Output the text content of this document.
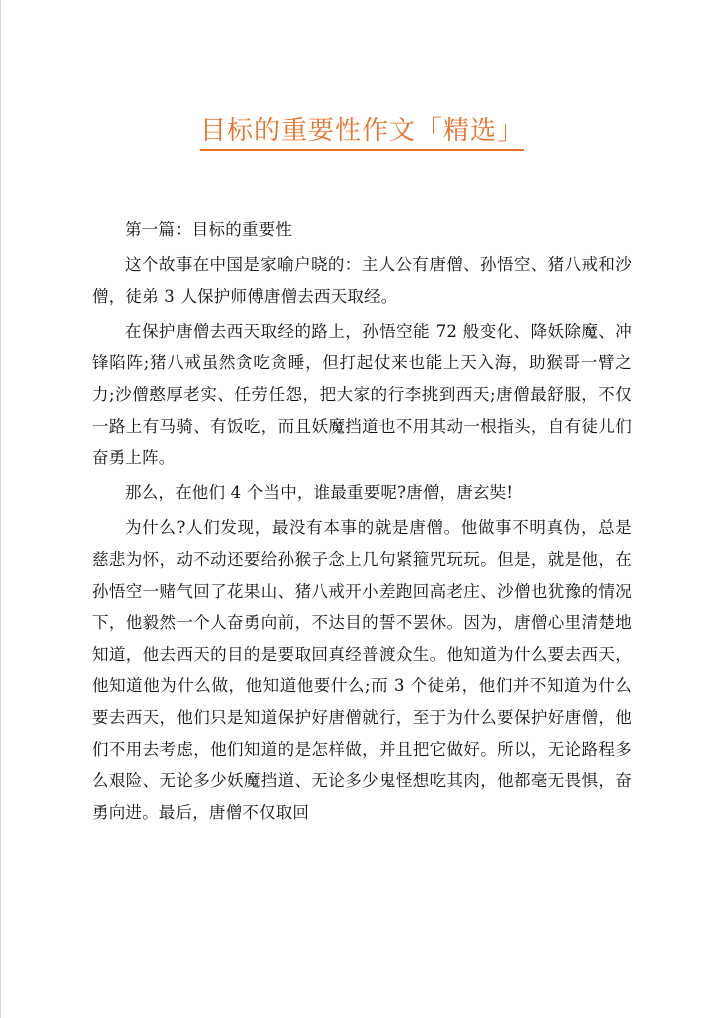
目标的重要性作文「精选」

第一篇：目标的重要性

这个故事在中国是家喻户晓的：主人公有唐僧、孙悟空、猪八戒和沙僧，徒弟 3 人保护师傅唐僧去西天取经。

在保护唐僧去西天取经的路上，孙悟空能 72 般变化、降妖除魔、冲锋陷阵;猪八戒虽然贪吃贪睡，但打起仗来也能上天入海，助猴哥一臂之力;沙僧憨厚老实、任劳任怨，把大家的行李挑到西天;唐僧最舒服，不仅一路上有马骑、有饭吃，而且妖魔挡道也不用其动一根指头，自有徒儿们奋勇上阵。

那么，在他们 4 个当中，谁最重要呢?唐僧，唐玄奘!

为什么?人们发现，最没有本事的就是唐僧。他做事不明真伪，总是慈悲为怀，动不动还要给孙猴子念上几句紧箍咒玩玩。但是，就是他，在孙悟空一赌气回了花果山、猪八戒开小差跑回高老庄、沙僧也犹豫的情况下，他毅然一个人奋勇向前，不达目的誓不罢休。因为，唐僧心里清楚地知道，他去西天的目的是要取回真经普渡众生。他知道为什么要去西天，他知道他为什么做，他知道他要什么;而 3 个徒弟，他们并不知道为什么要去西天，他们只是知道保护好唐僧就行，至于为什么要保护好唐僧，他们不用去考虑，他们知道的是怎样做，并且把它做好。所以，无论路程多么艰险、无论多少妖魔挡道、无论多少鬼怪想吃其肉，他都毫无畏惧，奋勇向进。最后，唐僧不仅取回
